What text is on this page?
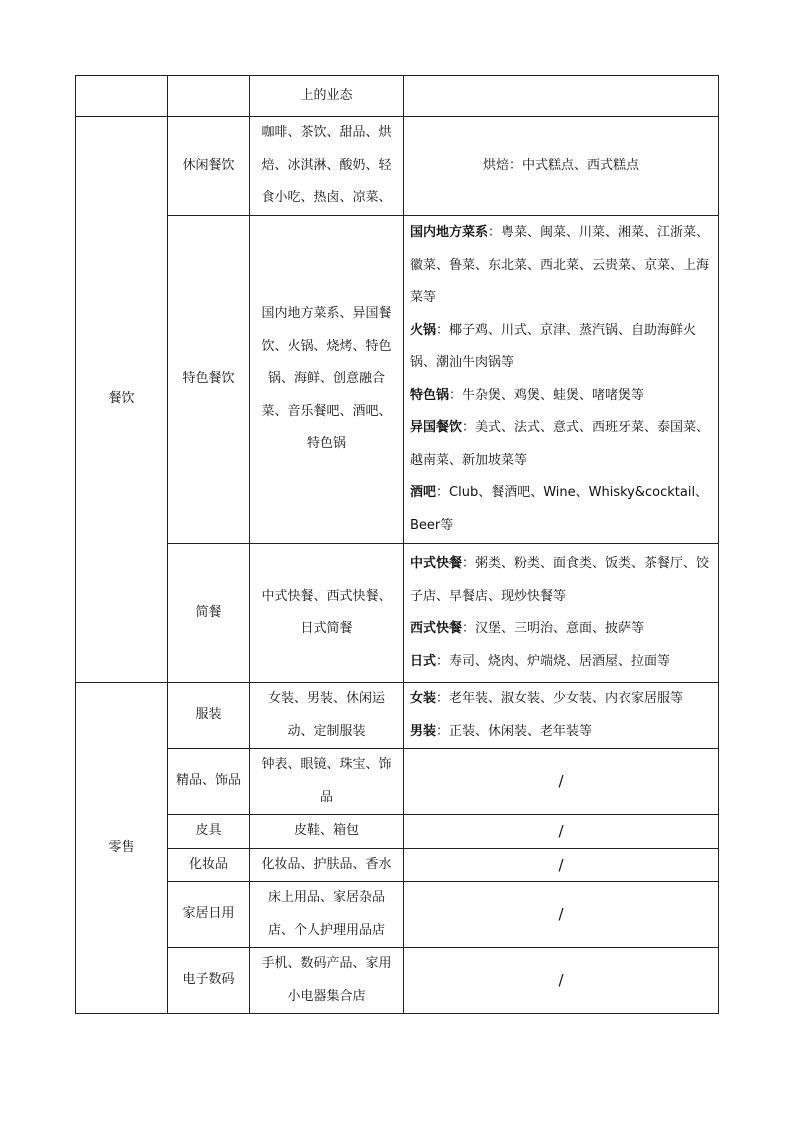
		上的业态	
餐饮	休闲餐饮	咖啡、茶饮、甜品、烘焙、冰淇淋、酸奶、轻食小吃、热卤、凉菜、	烘焙：中式糕点、西式糕点
	特色餐饮	国内地方菜系、异国餐饮、火锅、烧烤、特色锅、海鲜、创意融合菜、音乐餐吧、酒吧、特色锅	国内地方菜系：粤菜、闽菜、川菜、湘菜、江浙菜、徽菜、鲁菜、东北菜、西北菜、云贵菜、京菜、上海菜等
火锅：椰子鸡、川式、京津、蒸汽锅、自助海鲜火锅、潮汕牛肉锅等
特色锅：牛杂煲、鸡煲、蛙煲、啫啫煲等
异国餐饮：美式、法式、意式、西班牙菜、泰国菜、越南菜、新加坡菜等
酒吧：Club、餐酒吧、Wine、Whisky&cocktail、Beer等

	简餐	中式快餐、西式快餐、日式简餐	中式快餐：粥类、粉类、面食类、饭类、茶餐厅、饺子店、早餐店、现炒快餐等
西式快餐：汉堡、三明治、意面、披萨等
日式：寿司、烧肉、炉端烧、居酒屋、拉面等

零售	服装	女装、男装、休闲运动、定制服装	女装：老年装、淑女装、少女装、内衣家居服等
男装：正装、休闲装、老年装等

	精品、饰品	钟表、眼镜、珠宝、饰品	/
	皮具	皮鞋、箱包	/
	化妆品	化妆品、护肤品、香水	/
	家居日用	床上用品、家居杂品店、个人护理用品店	/
	电子数码	手机、数码产品、家用小电器集合店	/
